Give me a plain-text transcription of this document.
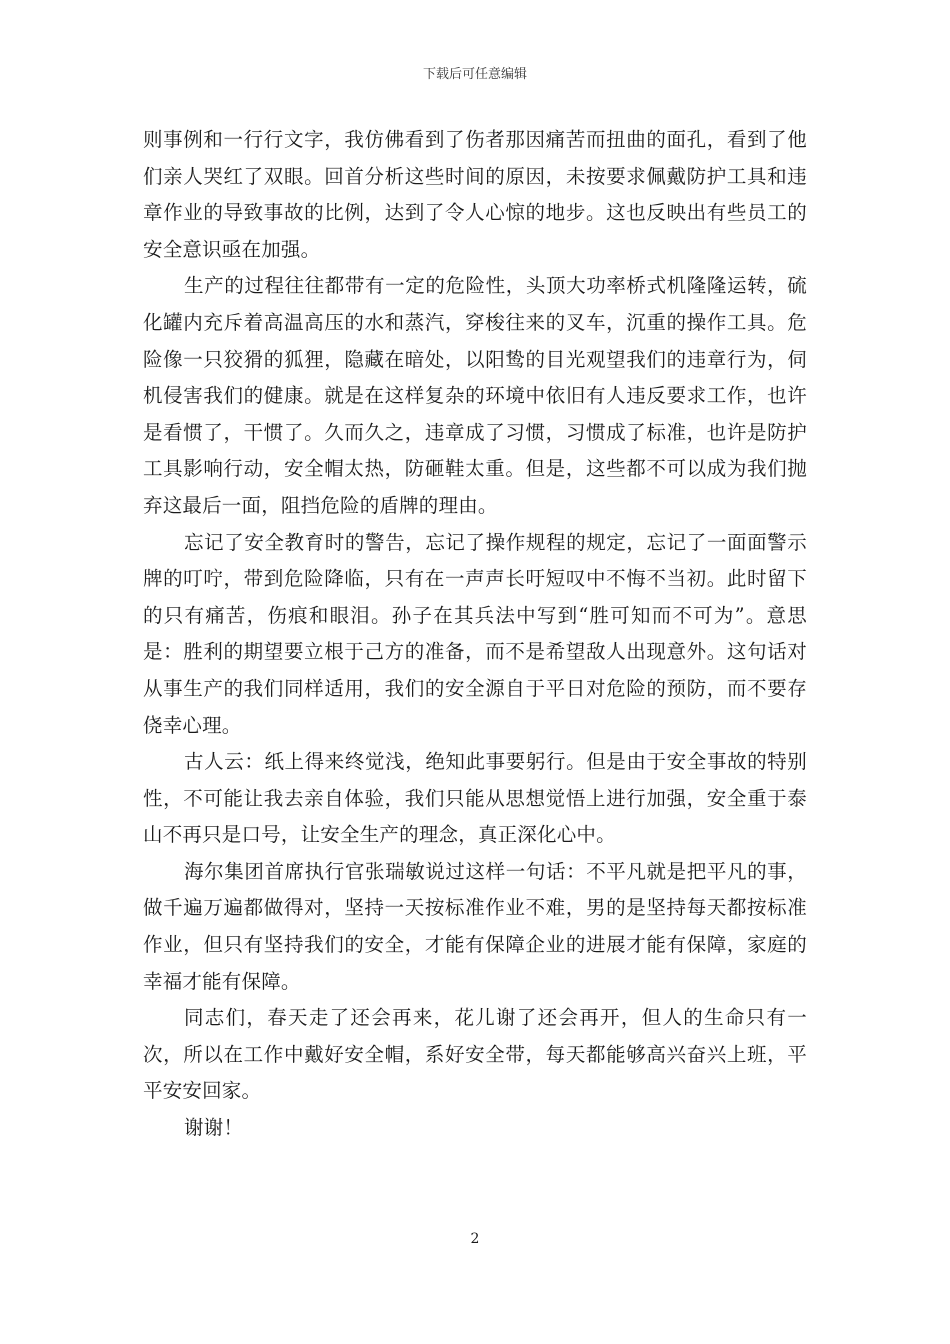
下载后可任意编辑

则事例和一行行文字，我仿佛看到了伤者那因痛苦而扭曲的面孔，看到了他们亲人哭红了双眼。回首分析这些时间的原因，未按要求佩戴防护工具和违章作业的导致事故的比例，达到了令人心惊的地步。这也反映出有些员工的安全意识亟在加强。

生产的过程往往都带有一定的危险性，头顶大功率桥式机隆隆运转，硫化罐内充斥着高温高压的水和蒸汽，穿梭往来的叉车，沉重的操作工具。危险像一只狡猾的狐狸，隐藏在暗处，以阳鸷的目光观望我们的违章行为，伺机侵害我们的健康。就是在这样复杂的环境中依旧有人违反要求工作，也许是看惯了，干惯了。久而久之，违章成了习惯，习惯成了标准，也许是防护工具影响行动，安全帽太热，防砸鞋太重。但是，这些都不可以成为我们抛弃这最后一面，阻挡危险的盾牌的理由。

忘记了安全教育时的警告，忘记了操作规程的规定，忘记了一面面警示牌的叮咛，带到危险降临，只有在一声声长吁短叹中不悔不当初。此时留下的只有痛苦，伤痕和眼泪。孙子在其兵法中写到“胜可知而不可为”。意思是：胜利的期望要立根于己方的准备，而不是希望敌人出现意外。这句话对从事生产的我们同样适用，我们的安全源自于平日对危险的预防，而不要存侥幸心理。

古人云：纸上得来终觉浅，绝知此事要躬行。但是由于安全事故的特别性，不可能让我去亲自体验，我们只能从思想觉悟上进行加强，安全重于泰山不再只是口号，让安全生产的理念，真正深化心中。

海尔集团首席执行官张瑞敏说过这样一句话：不平凡就是把平凡的事，做千遍万遍都做得对，坚持一天按标准作业不难，男的是坚持每天都按标准作业，但只有坚持我们的安全，才能有保障企业的进展才能有保障，家庭的幸福才能有保障。

同志们，春天走了还会再来，花儿谢了还会再开，但人的生命只有一次，所以在工作中戴好安全帽，系好安全带，每天都能够高兴奋兴上班，平平安安回家。

谢谢！

2
